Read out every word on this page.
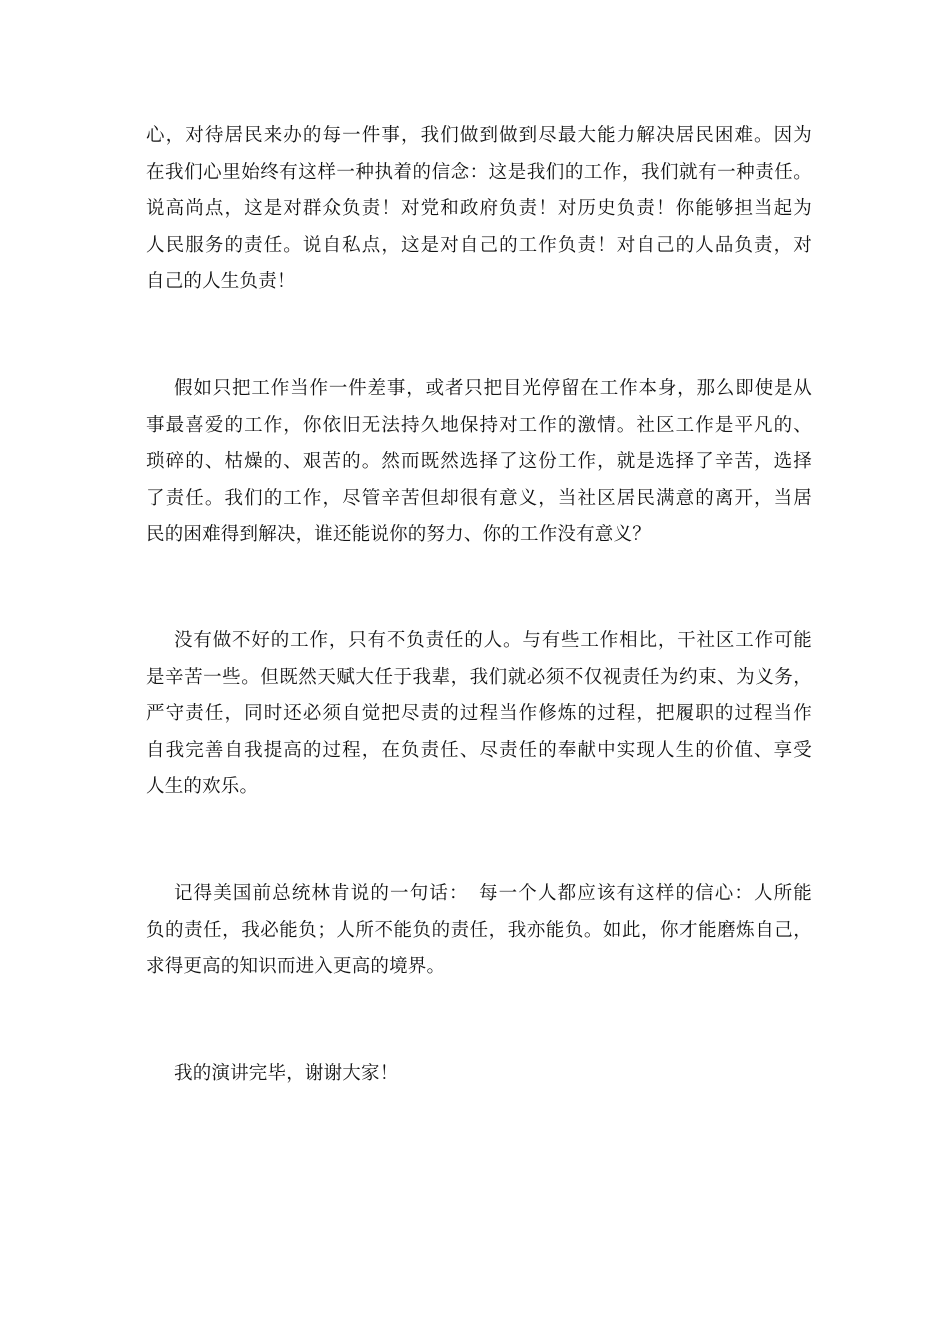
心，对待居民来办的每一件事，我们做到做到尽最大能力解决居民困难。因为
在我们心里始终有这样一种执着的信念：这是我们的工作，我们就有一种责任。
说高尚点，这是对群众负责！对党和政府负责！对历史负责！你能够担当起为
人民服务的责任。说自私点，这是对自己的工作负责！对自己的人品负责，对
自己的人生负责！
假如只把工作当作一件差事，或者只把目光停留在工作本身，那么即使是从
事最喜爱的工作，你依旧无法持久地保持对工作的激情。社区工作是平凡的、
琐碎的、枯燥的、艰苦的。然而既然选择了这份工作，就是选择了辛苦，选择
了责任。我们的工作，尽管辛苦但却很有意义，当社区居民满意的离开，当居
民的困难得到解决，谁还能说你的努力、你的工作没有意义？
没有做不好的工作，只有不负责任的人。与有些工作相比，干社区工作可能
是辛苦一些。但既然天赋大任于我辈，我们就必须不仅视责任为约束、为义务，
严守责任，同时还必须自觉把尽责的过程当作修炼的过程，把履职的过程当作
自我完善自我提高的过程，在负责任、尽责任的奉献中实现人生的价值、享受
人生的欢乐。
记得美国前总统林肯说的一句话：　每一个人都应该有这样的信心：人所能
负的责任，我必能负；人所不能负的责任，我亦能负。如此，你才能磨炼自己，
求得更高的知识而进入更高的境界。
我的演讲完毕，谢谢大家！
